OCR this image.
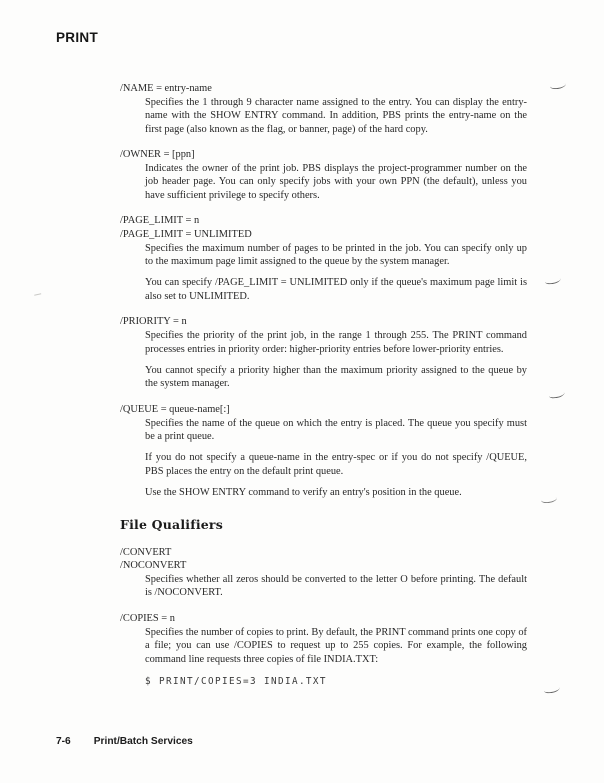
PRINT
/NAME = entry-name

Specifies the 1 through 9 character name assigned to the entry. You can display the entry-name with the SHOW ENTRY command. In addition, PBS prints the entry-name on the first page (also known as the flag, or banner, page) of the hard copy.

/OWNER = [ppn]

Indicates the owner of the print job. PBS displays the project-programmer number on the job header page. You can only specify jobs with your own PPN (the default), unless you have sufficient privilege to specify others.

/PAGE_LIMIT = n
/PAGE_LIMIT = UNLIMITED

Specifies the maximum number of pages to be printed in the job. You can specify only up to the maximum page limit assigned to the queue by the system manager.

You can specify /PAGE_LIMIT = UNLIMITED only if the queue's maximum page limit is also set to UNLIMITED.

/PRIORITY = n

Specifies the priority of the print job, in the range 1 through 255. The PRINT command processes entries in priority order: higher-priority entries before lower-priority entries.

You cannot specify a priority higher than the maximum priority assigned to the queue by the system manager.

/QUEUE = queue-name[:]

Specifies the name of the queue on which the entry is placed. The queue you specify must be a print queue.

If you do not specify a queue-name in the entry-spec or if you do not specify /QUEUE, PBS places the entry on the default print queue.

Use the SHOW ENTRY command to verify an entry's position in the queue.

File Qualifiers
/CONVERT
/NOCONVERT

Specifies whether all zeros should be converted to the letter O before printing. The default is /NOCONVERT.

/COPIES = n

Specifies the number of copies to print. By default, the PRINT command prints one copy of a file; you can use /COPIES to request up to 255 copies. For example, the following command line requests three copies of file INDIA.TXT:

$ PRINT/COPIES=3 INDIA.TXT
7-6 Print/Batch Services
